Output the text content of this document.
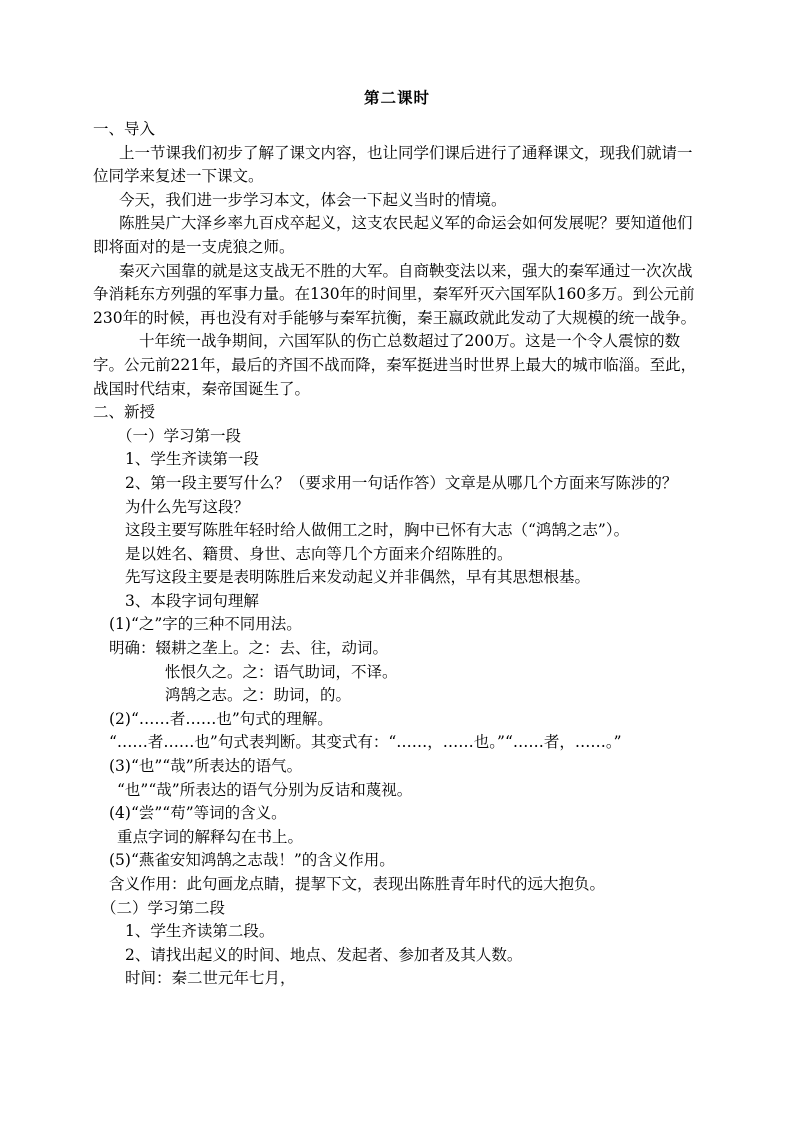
第二课时

一、导入

上一节课我们初步了解了课文内容，也让同学们课后进行了通释课文，现我们就请一位同学来复述一下课文。

今天，我们进一步学习本文，体会一下起义当时的情境。

陈胜吴广大泽乡率九百戍卒起义，这支农民起义军的命运会如何发展呢？要知道他们即将面对的是一支虎狼之师。

秦灭六国靠的就是这支战无不胜的大军。自商鞅变法以来，强大的秦军通过一次次战争消耗东方列强的军事力量。在130年的时间里，秦军歼灭六国军队160多万。到公元前230年的时候，再也没有对手能够与秦军抗衡，秦王嬴政就此发动了大规模的统一战争。

十年统一战争期间，六国军队的伤亡总数超过了200万。这是一个令人震惊的数字。公元前221年，最后的齐国不战而降，秦军挺进当时世界上最大的城市临淄。至此，战国时代结束，秦帝国诞生了。

二、新授

（一）学习第一段

1、学生齐读第一段

2、第一段主要写什么？（要求用一句话作答）文章是从哪几个方面来写陈涉的？

为什么先写这段？

这段主要写陈胜年轻时给人做佣工之时，胸中已怀有大志（“鸿鹄之志”）。

是以姓名、籍贯、身世、志向等几个方面来介绍陈胜的。

先写这段主要是表明陈胜后来发动起义并非偶然，早有其思想根基。

3、本段字词句理解

(1)“之”字的三种不同用法。

明确：辍耕之垄上。之：去、往，动词。

怅恨久之。之：语气助词，不译。

鸿鹄之志。之：助词，的。

(2)“……者……也”句式的理解。

“……者……也”句式表判断。其变式有：“……，……也。”“……者，……。”

(3)“也”“哉”所表达的语气。

“也”“哉”所表达的语气分别为反诘和蔑视。

(4)“尝”“苟”等词的含义。

重点字词的解释勾在书上。

(5)“燕雀安知鸿鹄之志哉！”的含义作用。

含义作用：此句画龙点睛，提挈下文，表现出陈胜青年时代的远大抱负。

（二）学习第二段

1、学生齐读第二段。

2、请找出起义的时间、地点、发起者、参加者及其人数。

时间：秦二世元年七月，
